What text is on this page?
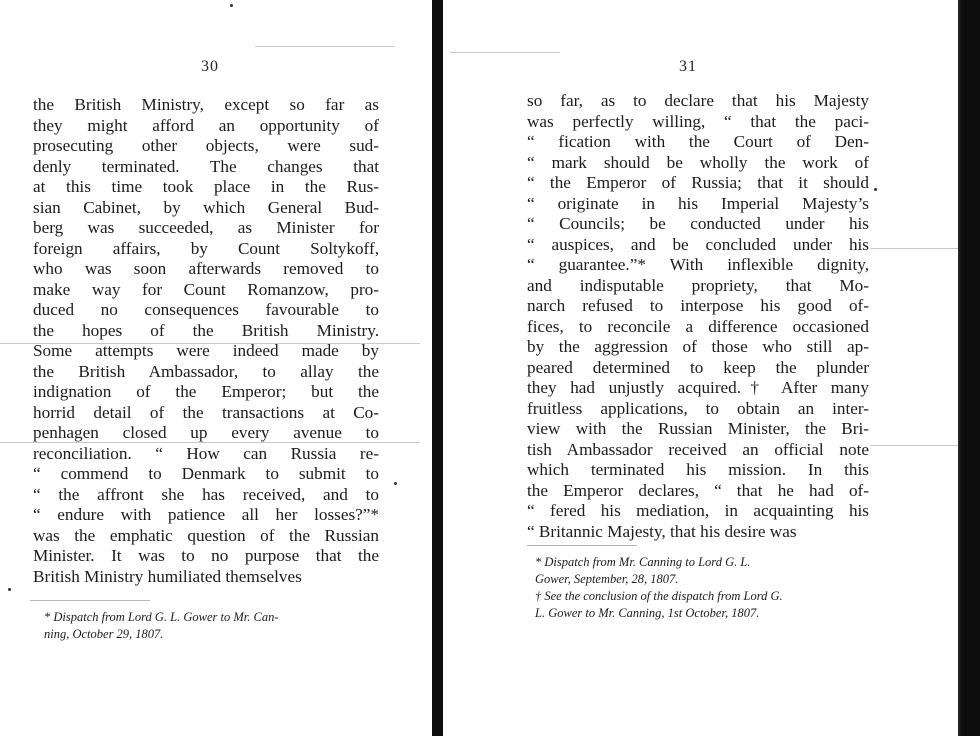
30
the British Ministry, except so far as
they might afford an opportunity of
prosecuting other objects, were sud-
denly terminated. The changes that
at this time took place in the Rus-
sian Cabinet, by which General Bud-
berg was succeeded, as Minister for
foreign affairs, by Count Soltykoff,
who was soon afterwards removed to
make way for Count Romanzow, pro-
duced no consequences favourable to
the hopes of the British Ministry.
Some attempts were indeed made by
the British Ambassador, to allay the
indignation of the Emperor; but the
horrid detail of the transactions at Co-
penhagen closed up every avenue to
reconciliation. “ How can Russia re-
“ commend to Denmark to submit to
“ the affront she has received, and to
“ endure with patience all her losses?”*
was the emphatic question of the Russian
Minister. It was to no purpose that the
British Ministry humiliated themselves
* Dispatch from Lord G. L. Gower to Mr. Can-
ning, October 29, 1807.
31
so far, as to declare that his Majesty
was perfectly willing, “ that the paci-
“ fication with the Court of Den-
“ mark should be wholly the work of
“ the Emperor of Russia; that it should
“ originate in his Imperial Majesty’s
“ Councils; be conducted under his
“ auspices, and be concluded under his
“ guarantee.”* With inflexible dignity,
and indisputable propriety, that Mo-
narch refused to interpose his good of-
fices, to reconcile a difference occasioned
by the aggression of those who still ap-
peared determined to keep the plunder
they had unjustly acquired.† After many
fruitless applications, to obtain an inter-
view with the Russian Minister, the Bri-
tish Ambassador received an official note
which terminated his mission. In this
the Emperor declares, “ that he had of-
“ fered his mediation, in acquainting his
“ Britannic Majesty, that his desire was
* Dispatch from Mr. Canning to Lord G. L.
Gower, September, 28, 1807.
† See the conclusion of the dispatch from Lord G.
L. Gower to Mr. Canning, 1st October, 1807.
